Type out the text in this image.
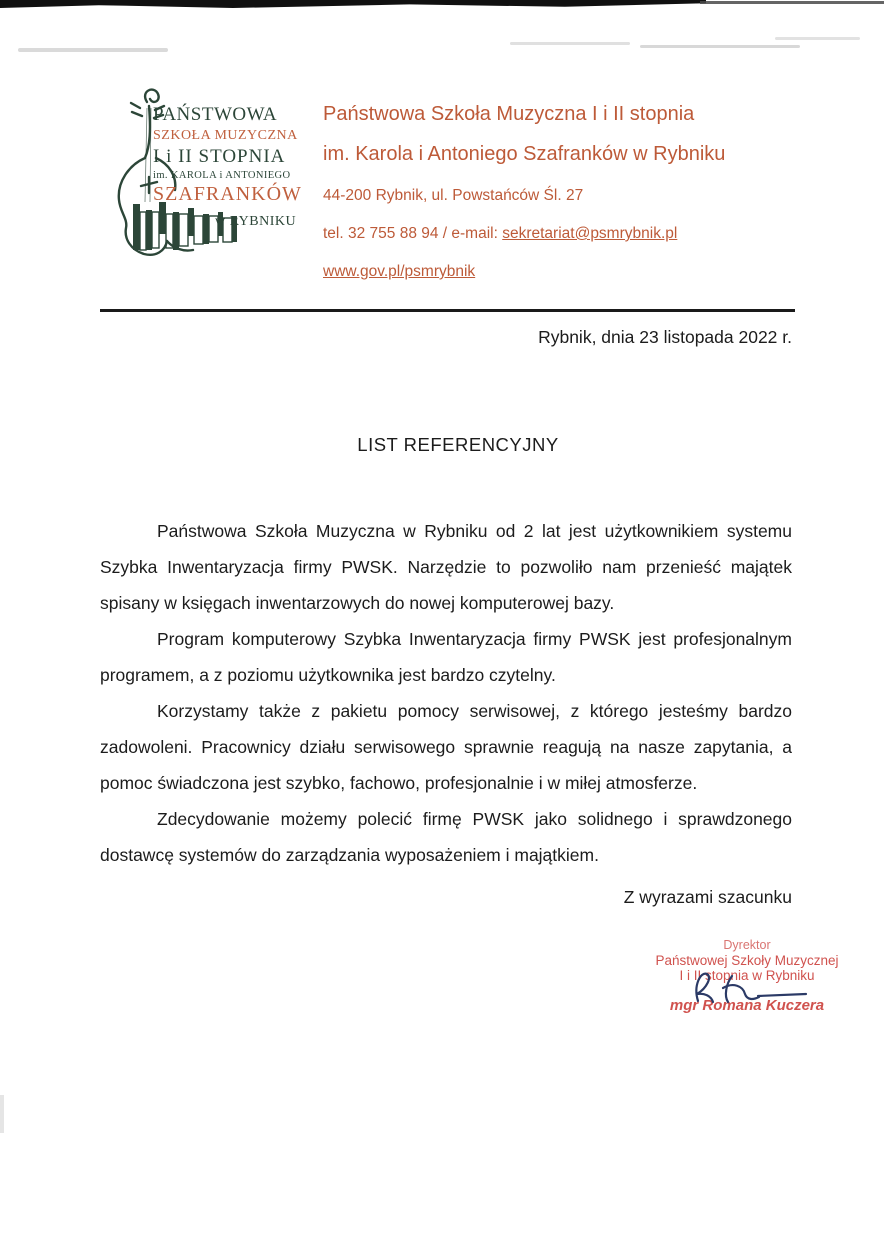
PAŃSTWOWA
SZKOŁA MUZYCZNA
I i II STOPNIA
im. KAROLA i ANTONIEGO
SZAFRANKÓW
w RYBNIKU
Państwowa Szkoła Muzyczna I i II stopnia
im. Karola i Antoniego Szafranków w Rybniku
44-200 Rybnik, ul. Powstańców Śl. 27
tel. 32 755 88 94 / e-mail: sekretariat@psmrybnik.pl
www.gov.pl/psmrybnik
Rybnik, dnia 23 listopada 2022 r.
LIST REFERENCYJNY

Państwowa Szkoła Muzyczna w Rybniku od 2 lat jest użytkownikiem systemu Szybka Inwentaryzacja firmy PWSK. Narzędzie to pozwoliło nam przenieść majątek spisany w księgach inwentarzowych do nowej komputerowej bazy.

Program komputerowy Szybka Inwentaryzacja firmy PWSK jest profesjonalnym programem, a z poziomu użytkownika jest bardzo czytelny.

Korzystamy także z pakietu pomocy serwisowej, z którego jesteśmy bardzo zadowoleni. Pracownicy działu serwisowego sprawnie reagują na nasze zapytania, a pomoc świadczona jest szybko, fachowo, profesjonalnie i w miłej atmosferze.

Zdecydowanie możemy polecić firmę PWSK jako solidnego i sprawdzonego dostawcę systemów do zarządzania wyposażeniem i majątkiem.

Z wyrazami szacunku
Dyrektor
Państwowej Szkoły Muzycznej
I i II stopnia w Rybniku
mgr Romana Kuczera
